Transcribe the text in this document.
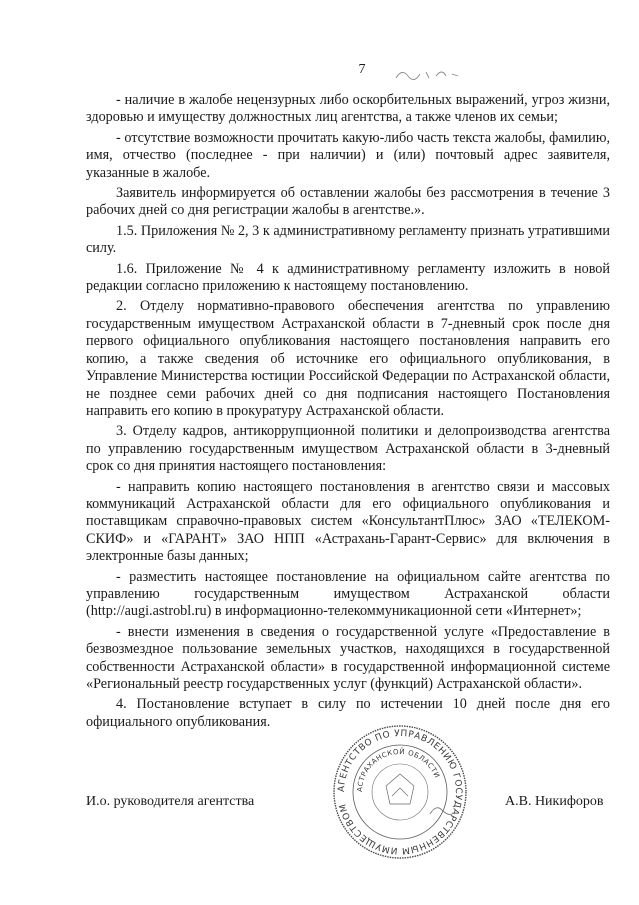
7

- наличие в жалобе нецензурных либо оскорбительных выражений, угроз жизни, здоровью и имуществу должностных лиц агентства, а также членов их семьи;

- отсутствие возможности прочитать какую-либо часть текста жалобы, фамилию, имя, отчество (последнее - при наличии) и (или) почтовый адрес заявителя, указанные в жалобе.

Заявитель информируется об оставлении жалобы без рассмотрения в течение 3 рабочих дней со дня регистрации жалобы в агентстве.».

1.5. Приложения № 2, 3 к административному регламенту признать утратившими силу.

1.6. Приложение № 4 к административному регламенту изложить в новой редакции согласно приложению к настоящему постановлению.

2. Отделу нормативно-правового обеспечения агентства по управлению государственным имуществом Астраханской области в 7-дневный срок после дня первого официального опубликования настоящего постановления направить его копию, а также сведения об источнике его официального опубликования, в Управление Министерства юстиции Российской Федерации по Астраханской области, не позднее семи рабочих дней со дня подписания настоящего Постановления направить его копию в прокуратуру Астраханской области.

3. Отделу кадров, антикоррупционной политики и делопроизводства агентства по управлению государственным имуществом Астраханской области в 3-дневный срок со дня принятия настоящего постановления:

- направить копию настоящего постановления в агентство связи и массовых коммуникаций Астраханской области для его официального опубликования и поставщикам справочно-правовых систем «КонсультантПлюс» ЗАО «ТЕЛЕКОМ-СКИФ» и «ГАРАНТ» ЗАО НПП «Астрахань-Гарант-Сервис» для включения в электронные базы данных;

- разместить настоящее постановление на официальном сайте агентства по управлению государственным имуществом Астраханской области (http://augi.astrobl.ru) в информационно-телекоммуникационной сети «Интернет»;

- внести изменения в сведения о государственной услуге «Предоставление в безвозмездное пользование земельных участков, находящихся в государственной собственности Астраханской области» в государственной информационной системе «Региональный реестр государственных услуг (функций) Астраханской области».

4. Постановление вступает в силу по истечении 10 дней после дня его официального опубликования.

АГЕНТСТВО ПО УПРАВЛЕНИЮ ГОСУДАРСТВЕННЫМ ИМУЩЕСТВОМ
АСТРАХАНСКОЙ ОБЛАСТИ
И.о. руководителя агентства	А.В. Никифоров
